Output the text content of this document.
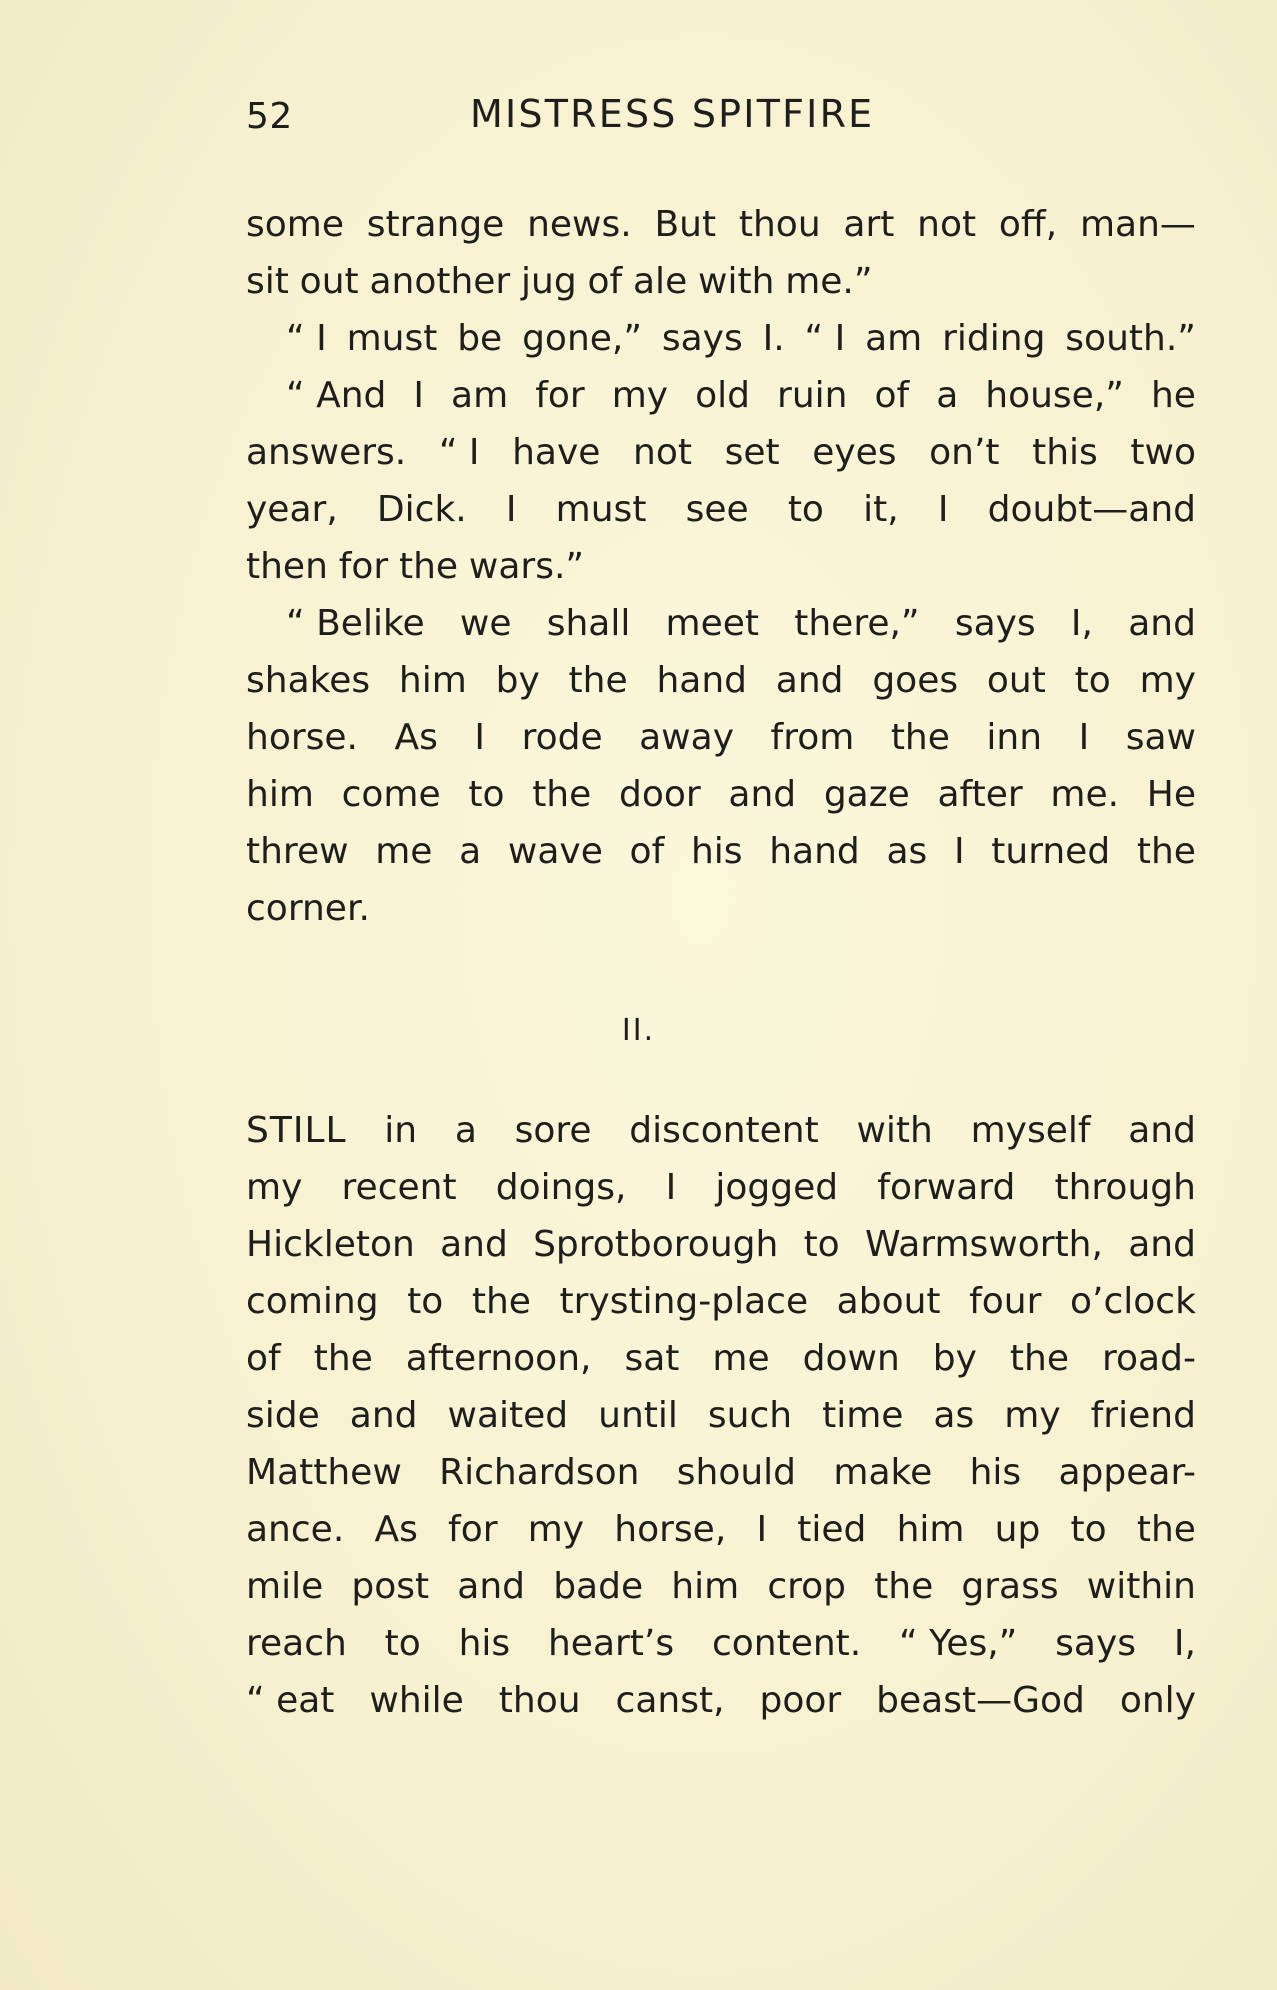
52	MISTRESS SPITFIRE
some strange news. But thou art not off, man—
sit out another jug of ale with me.”
“ I must be gone,” says I. “ I am riding south.”
“ And I am for my old ruin of a house,” he
answers. “ I have not set eyes on’t this two
year, Dick. I must see to it, I doubt—and
then for the wars.”
“ Belike we shall meet there,” says I, and
shakes him by the hand and goes out to my
horse. As I rode away from the inn I saw
him come to the door and gaze after me. He
threw me a wave of his hand as I turned the
corner.
II.
STILL in a sore discontent with myself and
my recent doings, I jogged forward through
Hickleton and Sprotborough to Warmsworth, and
coming to the trysting-place about four o’clock
of the afternoon, sat me down by the road-
side and waited until such time as my friend
Matthew Richardson should make his appear-
ance. As for my horse, I tied him up to the
mile post and bade him crop the grass within
reach to his heart’s content. “ Yes,” says I,
“ eat while thou canst, poor beast—God only
